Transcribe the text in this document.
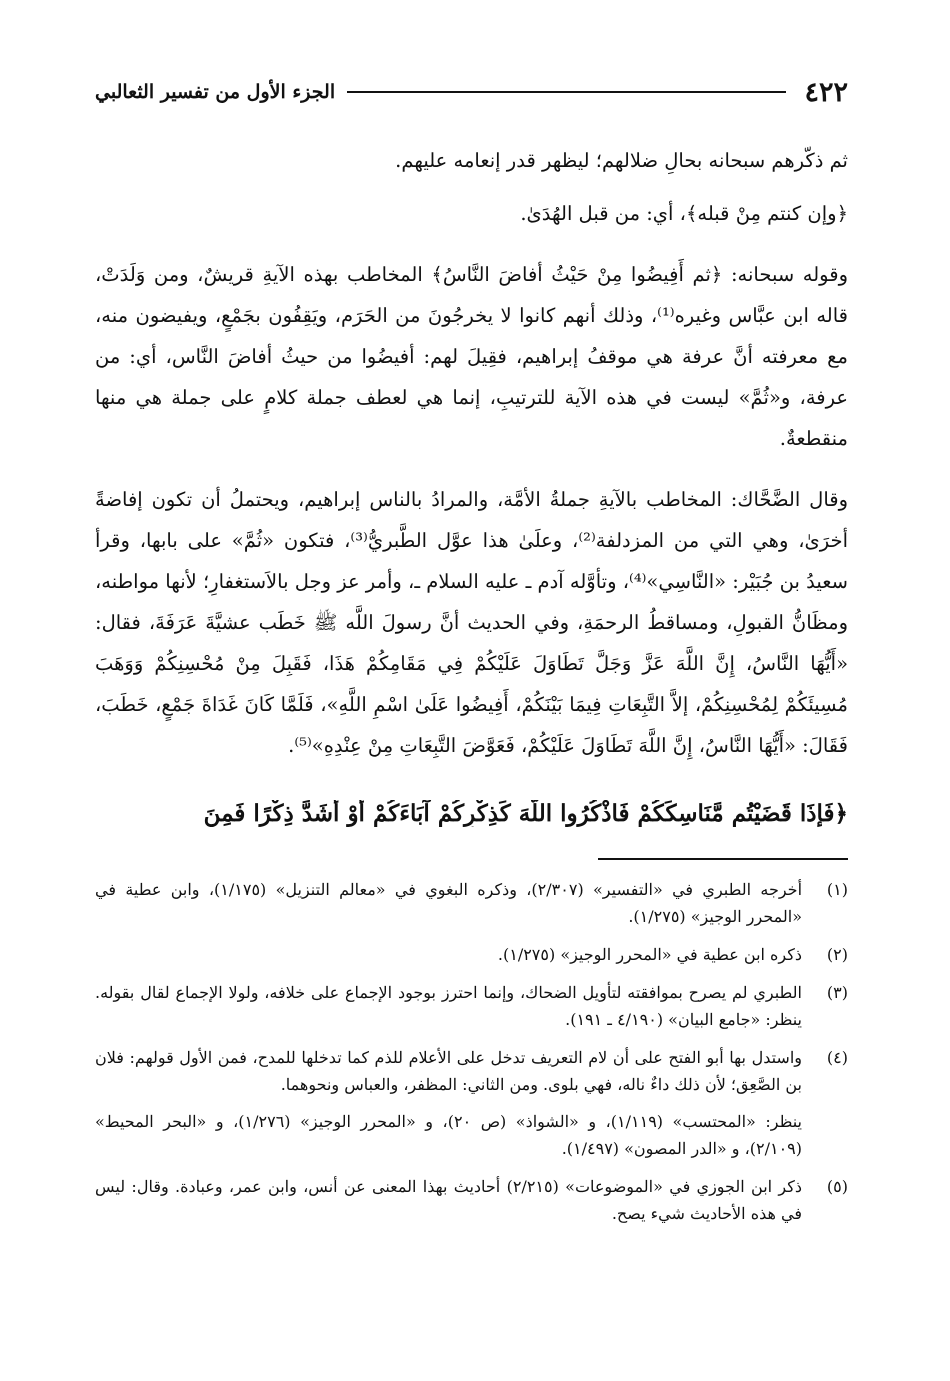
٤٢٢
الجزء الأول من تفسير الثعالبي

ثم ذكّرهم سبحانه بحالِ ضلالهم؛ ليظهر قدر إنعامه عليهم.

﴿وإن كنتم مِنْ قبله﴾، أي: من قبل الهُدَىٰ.

وقوله سبحانه: ﴿ثم أَفِيضُوا مِنْ حَيْثُ أفاضَ النَّاسُ﴾ المخاطب بهذه الآيةِ قريشٌ، ومن وَلَدَتْ، قاله ابن عبَّاس وغيره⁽¹⁾، وذلك أنهم كانوا لا يخرجُونَ من الحَرَم، ويَقِفُون بجَمْعٍ، ويفيضون منه، مع معرفته أنَّ عرفة هي موقفُ إبراهيم، فقِيلَ لهم: أفيضُوا من حيثُ أفاضَ النَّاس، أي: من عرفة، و«ثُمَّ» ليست في هذه الآية للترتيبِ، إنما هي لعطف جملة كلامٍ على جملة هي منها منقطعةٌ.

وقال الضَّحَّاك: المخاطب بالآيةِ جملةُ الأمَّة، والمرادُ بالناس إبراهيم، ويحتملُ أن تكون إفاضةً أخرَىٰ، وهي التي من المزدلفة⁽²⁾، وعلَىٰ هذا عوَّل الطَّبريُّ⁽³⁾، فتكون «ثُمَّ» على بابها، وقرأ سعيدُ بن جُبَيْر: «النَّاسِي»⁽⁴⁾، وتأوَّله آدم ـ عليه السلام ـ، وأمر عز وجل بالاَستغفارِ؛ لأنها مواطنه، ومظَانُّ القبولِ، ومساقطُ الرحمَةِ، وفي الحديث أنَّ رسولَ اللَّه ﷺ خَطَب عشيَّةَ عَرَفَةَ، فقال: «أَيُّهَا النَّاسُ، إِنَّ اللَّهَ عَزَّ وَجَلَّ تَطَاوَلَ عَلَيْكُمْ فِي مَقَامِكُمْ هَذَا، فَقَبِلَ مِنْ مُحْسِنِكُمْ وَوَهَبَ مُسِيئَكُمْ لِمُحْسِنِكُمْ، إلاَّ التَّبِعَاتِ فِيمَا بَيْنَكُمْ، أَفِيضُوا عَلَىٰ اسْمِ اللَّهِ»، فَلَمَّا كَانَ غَدَاةَ جَمْعٍ، خَطَبَ، فَقَالَ: «أَيُّهَا النَّاسُ، إِنَّ اللَّهَ تَطَاوَلَ عَلَيْكُمْ، فَعَوَّضَ التَّبِعَاتِ مِنْ عِنْدِهِ»⁽⁵⁾.

﴿فَإِذَا قَضَيْتُم مَّنَاسِكَكُمْ فَاذْكُرُوا اللَّهَ كَذِكْرِكُمْ آبَاءَكُمْ أَوْ أَشَدَّ ذِكْرًا فَمِنَ
(١)

أخرجه الطبري في «التفسير» (٢/٣٠٧)، وذكره البغوي في «معالم التنزيل» (١/١٧٥)، وابن عطية في «المحرر الوجيز» (١/٢٧٥).

(٢)

ذكره ابن عطية في «المحرر الوجيز» (١/٢٧٥).

(٣)

الطبري لم يصرح بموافقته لتأويل الضحاك، وإنما احترز بوجود الإجماع على خلافه، ولولا الإجماع لقال بقوله. ينظر: «جامع البيان» (٤/١٩٠ ـ ١٩١).

(٤)

واستدل بها أبو الفتح على أن لام التعريف تدخل على الأعلام للذم كما تدخلها للمدح، فمن الأول قولهم: فلان بن الصَّعِق؛ لأن ذلك داءٌ ناله، فهي بلوى. ومن الثاني: المظفر، والعباس ونحوهما.

ينظر: «المحتسب» (١/١١٩)، و «الشواذ» (ص ٢٠)، و «المحرر الوجيز» (١/٢٧٦)، و «البحر المحيط» (٢/١٠٩)، و «الدر المصون» (١/٤٩٧).

(٥)

ذكر ابن الجوزي في «الموضوعات» (٢/٢١٥) أحاديث بهذا المعنى عن أنس، وابن عمر، وعبادة. وقال: ليس في هذه الأحاديث شيء يصح.
